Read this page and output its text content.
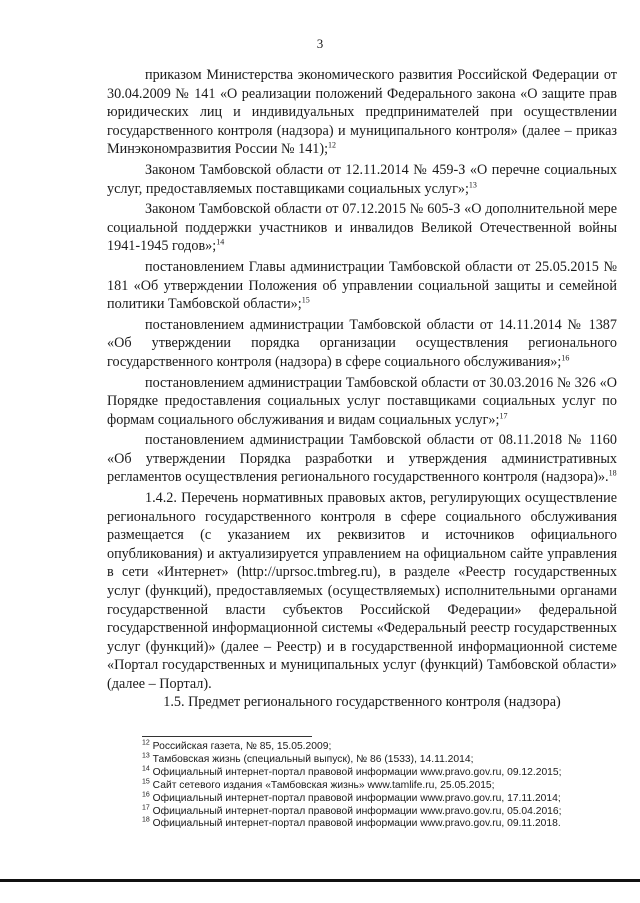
3

приказом Министерства экономического развития Российской Федерации от 30.04.2009 № 141 «О реализации положений Федерального закона «О защите прав юридических лиц и индивидуальных предпринимателей при осуществлении государственного контроля (надзора) и муниципального контроля» (далее – приказ Минэкономразвития России № 141);$^{12}$

Законом Тамбовской области от 12.11.2014 № 459-З «О перечне социальных услуг, предоставляемых поставщиками социальных услуг»;$^{13}$

Законом Тамбовской области от 07.12.2015 № 605-З «О дополнительной мере социальной поддержки участников и инвалидов Великой Отечественной войны 1941-1945 годов»;$^{14}$

постановлением Главы администрации Тамбовской области от 25.05.2015 № 181 «Об утверждении Положения об управлении социальной защиты и семейной политики Тамбовской области»;$^{15}$

постановлением администрации Тамбовской области от 14.11.2014 № 1387 «Об утверждении порядка организации осуществления регионального государственного контроля (надзора) в сфере социального обслуживания»;$^{16}$

постановлением администрации Тамбовской области от 30.03.2016 № 326 «О Порядке предоставления социальных услуг поставщиками социальных услуг по формам социального обслуживания и видам социальных услуг»;$^{17}$

постановлением администрации Тамбовской области от 08.11.2018 № 1160 «Об утверждении Порядка разработки и утверждения административных регламентов осуществления регионального государственного контроля (надзора)».$^{18}$

1.4.2. Перечень нормативных правовых актов, регулирующих осуществление регионального государственного контроля в сфере социального обслуживания размещается (с указанием их реквизитов и источников официального опубликования) и актуализируется управлением на официальном сайте управления в сети «Интернет» (http://uprsoc.tmbreg.ru), в разделе «Реестр государственных услуг (функций), предоставляемых (осуществляемых) исполнительными органами государственной власти субъектов Российской Федерации» федеральной государственной информационной системы «Федеральный реестр государственных услуг (функций)» (далее – Реестр) и в государственной информационной системе «Портал государственных и муниципальных услуг (функций) Тамбовской области» (далее – Портал).

1.5. Предмет регионального государственного контроля (надзора)
$^{12}$ Российская газета, № 85, 15.05.2009;
$^{13}$ Тамбовская жизнь (специальный выпуск), № 86 (1533), 14.11.2014;
$^{14}$ Официальный интернет-портал правовой информации www.pravo.gov.ru, 09.12.2015;
$^{15}$ Сайт сетевого издания «Тамбовская жизнь» www.tamlife.ru, 25.05.2015;
$^{16}$ Официальный интернет-портал правовой информации www.pravo.gov.ru, 17.11.2014;
$^{17}$ Официальный интернет-портал правовой информации www.pravo.gov.ru, 05.04.2016;
$^{18}$ Официальный интернет-портал правовой информации www.pravo.gov.ru, 09.11.2018.
